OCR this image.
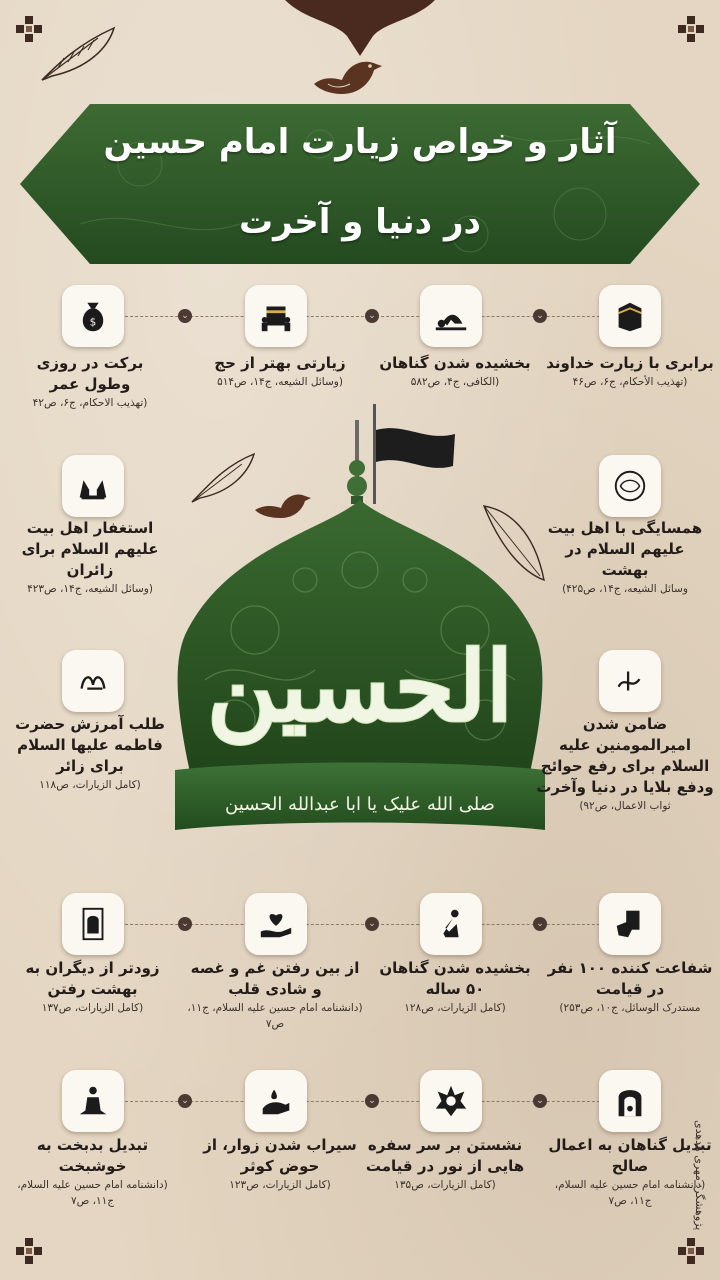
آثار و خواص زیارت امام حسین
در دنیا و آخرت
⌄	⌄	⌄
$
برابری با زیارت خداوند
(تهذیب الأحکام، ج۶، ص۴۶
بخشیده شدن گناهان
(الکافی، ج۴، ص۵۸۲
زیارتی بهتر از حج
(وسائل الشیعه، ج۱۴، ص۵۱۴
برکت در روزی وطول عمر
(تهذیب الاحکام، ج۶، ص۴۲
الحسین
صلی الله علیک یا ابا عبدالله الحسین
همسایگی با اهل بیت علیهم السلام در بهشت
وسائل الشیعه، ج۱۴، ص۴۲۵)
استغفار اهل بیت علیهم السلام برای زائران
(وسائل الشیعه، ج۱۴، ص۴۲۳
ضامن شدن امیرالمومنین علیه السلام برای رفع حوائج ودفع بلایا در دنیا وآخرت
ثواب الاعمال، ص۹۲)
طلب آمرزش حضرت فاطمه علیها السلام برای زائر
(کامل الزیارات، ص۱۱۸
⌄	⌄	⌄
شفاعت کننده ۱۰۰ نفر در قیامت
مستدرک الوسائل، ج۱۰، ص۲۵۳)
بخشیده شدن گناهان ۵۰ ساله
(کامل الزیارات، ص۱۲۸
از بین رفتن غم و غصه و شادی قلب
(دانشنامه امام حسین علیه السلام، ج۱۱، ص۷
زودتر از دیگران به بهشت رفتن
(کامل الزیارات، ص۱۳۷
⌄	⌄	⌄
تبدیل گناهان به اعمال صالح
(دانشنامه امام حسین علیه السلام، ج۱۱، ص۷
نشستن بر سر سفره هایی از نور در قیامت
(کامل الزیارات، ص۱۳۵
سیراب شدن زوار، از حوض کوثر
(کامل الزیارات، ص۱۲۳
تبدیل بدبخت به خوشبخت
(دانشنامه امام حسین علیه السلام، ج۱۱، ص۷	پژوهشگر: مهری هدهدی
